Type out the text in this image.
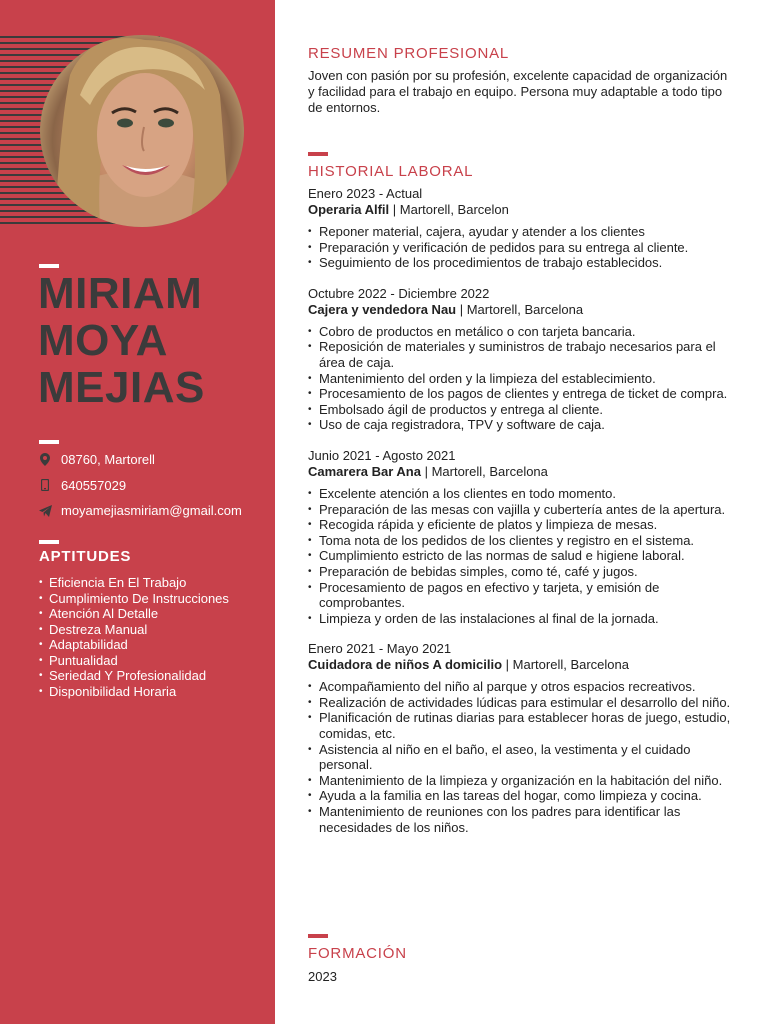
MIRIAM
MOYA
MEJIAS
08760, Martorell
640557029
moyamejiasmiriam@gmail.com
APTITUDES
• Eficiencia En El Trabajo
• Cumplimiento De Instrucciones
• Atención Al Detalle
• Destreza Manual
• Adaptabilidad
• Puntualidad
• Seriedad Y Profesionalidad
• Disponibilidad Horaria
RESUMEN PROFESIONAL

Joven con pasión por su profesión, excelente capacidad de organización y facilidad para el trabajo en equipo. Persona muy adaptable a todo tipo de entornos.

HISTORIAL LABORAL
Enero 2023 - Actual
Operaria Alfil | Martorell, Barcelon
• Reponer material, cajera, ayudar y atender a los clientes
• Preparación y verificación de pedidos para su entrega al cliente.
• Seguimiento de los procedimientos de trabajo establecidos.
Octubre 2022 - Diciembre 2022
Cajera y vendedora Nau | Martorell, Barcelona
• Cobro de productos en metálico o con tarjeta bancaria.
• Reposición de materiales y suministros de trabajo necesarios para el área de caja.
• Mantenimiento del orden y la limpieza del establecimiento.
• Procesamiento de los pagos de clientes y entrega de ticket de compra.
• Embolsado ágil de productos y entrega al cliente.
• Uso de caja registradora, TPV y software de caja.
Junio 2021 - Agosto 2021
Camarera Bar Ana | Martorell, Barcelona
• Excelente atención a los clientes en todo momento.
• Preparación de las mesas con vajilla y cubertería antes de la apertura.
• Recogida rápida y eficiente de platos y limpieza de mesas.
• Toma nota de los pedidos de los clientes y registro en el sistema.
• Cumplimiento estricto de las normas de salud e higiene laboral.
• Preparación de bebidas simples, como té, café y jugos.
• Procesamiento de pagos en efectivo y tarjeta, y emisión de comprobantes.
• Limpieza y orden de las instalaciones al final de la jornada.
Enero 2021 - Mayo 2021
Cuidadora de niños A domicilio | Martorell, Barcelona
• Acompañamiento del niño al parque y otros espacios recreativos.
• Realización de actividades lúdicas para estimular el desarrollo del niño.
• Planificación de rutinas diarias para establecer horas de juego, estudio, comidas, etc.
• Asistencia al niño en el baño, el aseo, la vestimenta y el cuidado personal.
• Mantenimiento de la limpieza y organización en la habitación del niño.
• Ayuda a la familia en las tareas del hogar, como limpieza y cocina.
• Mantenimiento de reuniones con los padres para identificar las necesidades de los niños.
FORMACIÓN
2023
